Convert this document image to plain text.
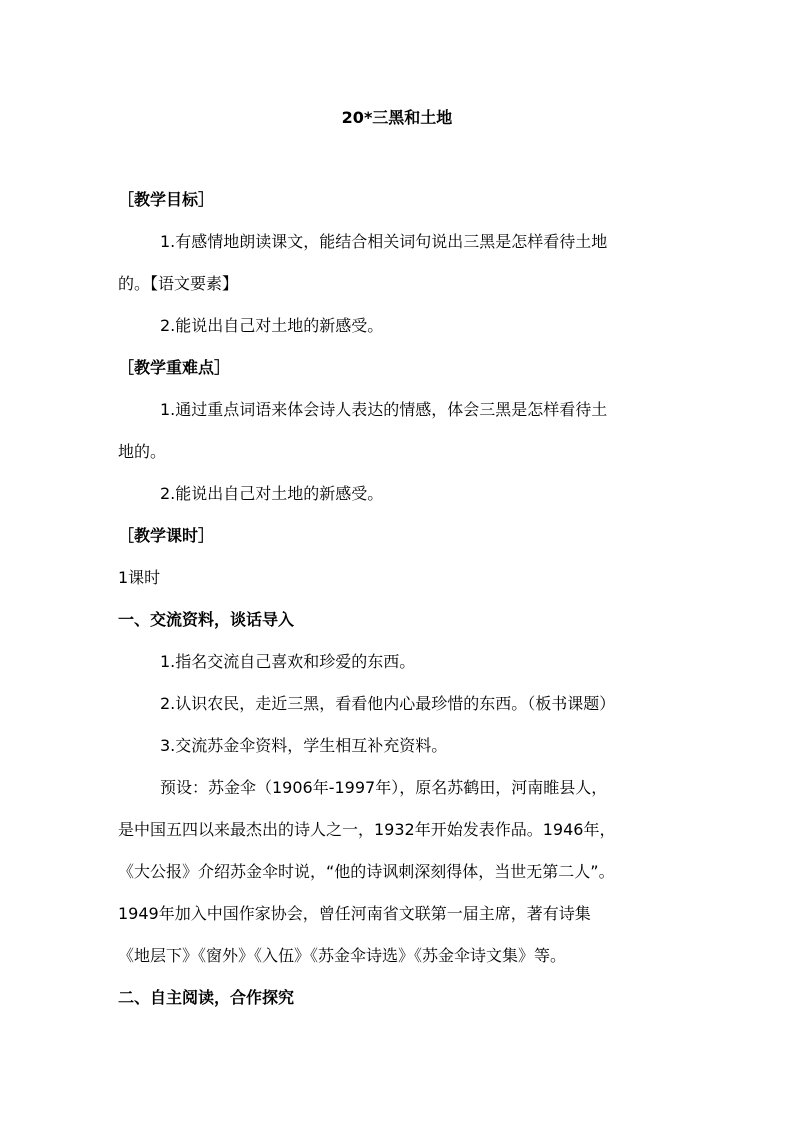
20*三黑和土地
［教学目标］
1.有感情地朗读课文，能结合相关词句说出三黑是怎样看待土地
的。【语文要素】
2.能说出自己对土地的新感受。
［教学重难点］
1.通过重点词语来体会诗人表达的情感，体会三黑是怎样看待土
地的。
2.能说出自己对土地的新感受。
［教学课时］
1课时
一、交流资料，谈话导入
1.指名交流自己喜欢和珍爱的东西。
2.认识农民，走近三黑，看看他内心最珍惜的东西。（板书课题）
3.交流苏金伞资料，学生相互补充资料。
预设：苏金伞（1906年-1997年），原名苏鹤田，河南睢县人，
是中国五四以来最杰出的诗人之一，1932年开始发表作品。1946年，
《大公报》介绍苏金伞时说，“他的诗讽刺深刻得体，当世无第二人”。
1949年加入中国作家协会，曾任河南省文联第一届主席，著有诗集
《地层下》《窗外》《入伍》《苏金伞诗选》《苏金伞诗文集》等。
二、自主阅读，合作探究
